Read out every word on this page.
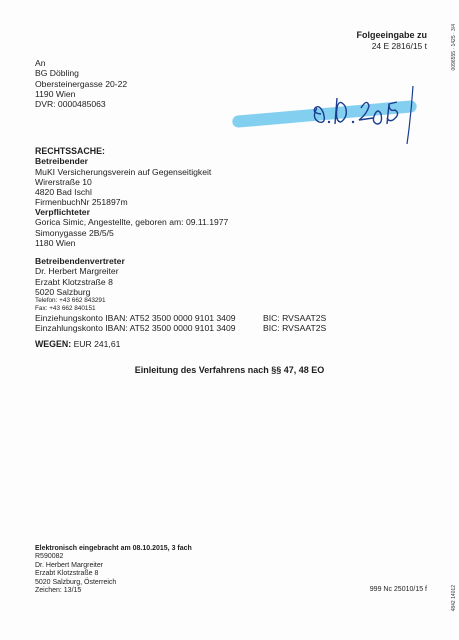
0096555 · 1425 · 3/4
4842 14012
Folgeeingabe zu
24 E 2816/15 t
An
BG Döbling
Obersteinergasse 20-22
1190 Wien
DVR: 0000485063
RECHTSSACHE:
Betreibender
MuKI Versicherungsverein auf Gegenseitigkeit
Wirerstraße 10
4820 Bad Ischl
FirmenbuchNr 251897m
Verpflichteter
Gorica Simic, Angestellte, geboren am: 09.11.1977
Simonygasse 2B/5/5
1180 Wien
Betreibendenvertreter
Dr. Herbert Margreiter
Erzabt Klotzstraße 8
5020 Salzburg
Telefon: +43 662 843291
Fax: +43 662 840151
Einziehungskonto IBAN: AT52 3500 0000 9101 3409	BIC: RVSAAT2S
Einzahlungskonto IBAN: AT52 3500 0000 9101 3409	BIC: RVSAAT2S
WEGEN: EUR 241,61
Einleitung des Verfahrens nach §§ 47, 48 EO
Elektronisch eingebracht am 08.10.2015, 3 fach
R590082
Dr. Herbert Margreiter
Erzabt Klotzstraße 8
5020 Salzburg, Österreich
Zeichen: 13/15	999 Nc 25010/15 f
